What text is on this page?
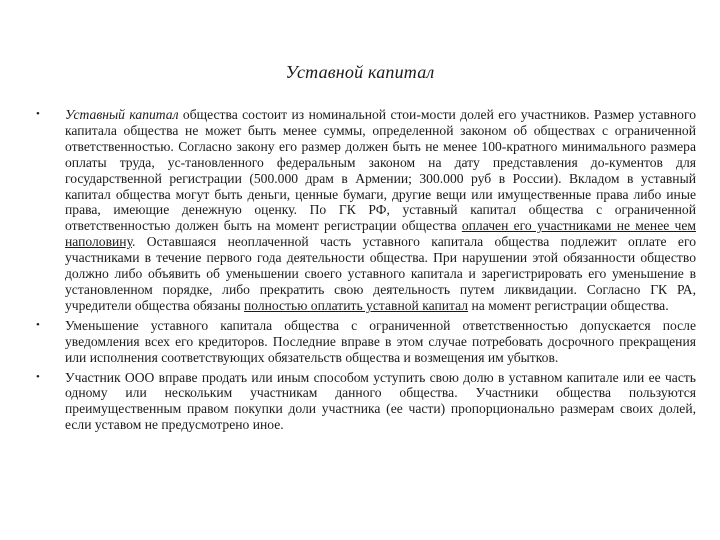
Уставной капитал
•	Уставный капитал общества состоит из номинальной стои-мости долей его участников. Размер уставного капитала общества не может быть менее суммы, определенной законом об обществах с ограниченной ответственностью. Согласно закону его размер должен быть не менее 100-кратного минимального размера оплаты труда, ус-тановленного федеральным законом на дату представления до-кументов для государственной регистрации (500.000 драм в Армении; 300.000 руб в России). Вкладом в уставный капитал общества могут быть деньги, ценные бумаги, другие вещи или имущественные права либо иные права, имеющие денежную оценку. По ГК РФ, уставный капитал общества с ограниченной ответственностью должен быть на момент регистрации общества оплачен его участниками не менее чем наполовину. Оставшаяся неоплаченной часть уставного капитала общества подлежит оплате его участниками в течение первого года деятельности общества. При нарушении этой обязанности общество должно либо объявить об уменьшении своего уставного капитала и зарегистрировать его уменьшение в установленном порядке, либо прекратить свою деятельность путем ликвидации. Согласно ГК РА, учредители общества обязаны полностью оплатить уставной капитал на момент регистрации общества.
•	Уменьшение уставного капитала общества с ограниченной ответственностью допускается после уведомления всех его кредиторов. Последние вправе в этом случае потребовать досрочного прекращения или исполнения соответствующих обязательств общества и возмещения им убытков.
•	Участник ООО вправе продать или иным способом уступить свою долю в уставном капитале или ее часть одному или нескольким участникам данного общества. Участники общества пользуются преимущественным правом покупки доли участника (ее части) пропорционально размерам своих долей, если уставом не предусмотрено иное.
